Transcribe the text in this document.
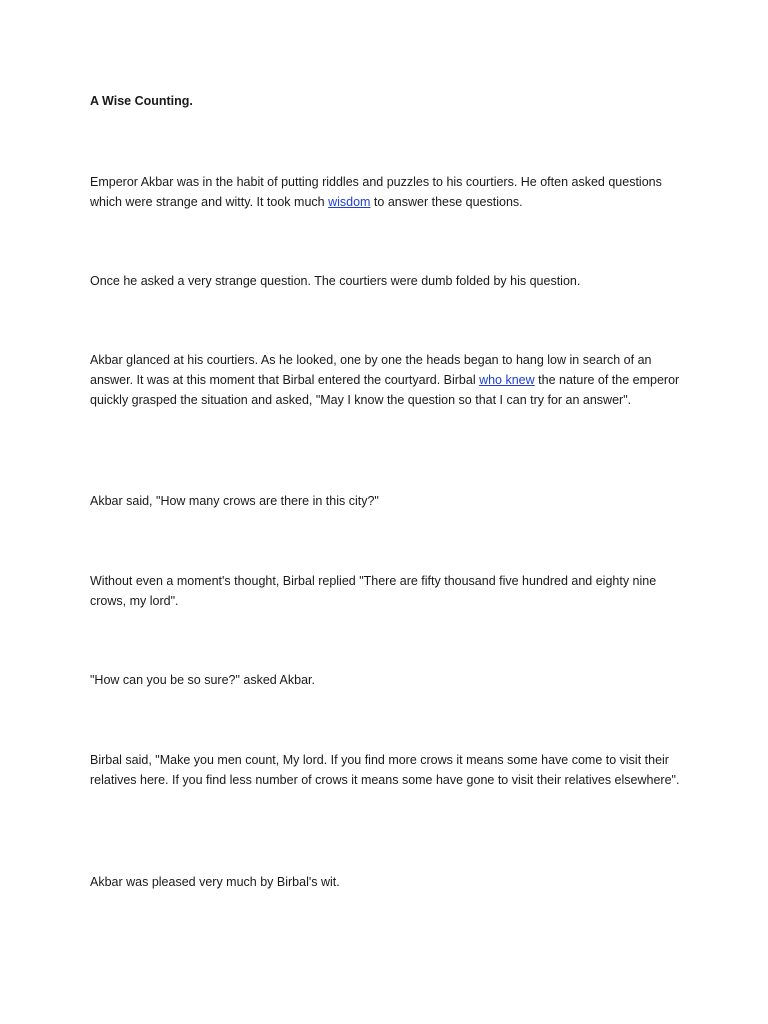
A Wise Counting.

Emperor Akbar was in the habit of putting riddles and puzzles to his courtiers. He often asked questions which were strange and witty. It took much wisdom to answer these questions.

Once he asked a very strange question. The courtiers were dumb folded by his question.

Akbar glanced at his courtiers. As he looked, one by one the heads began to hang low in search of an answer. It was at this moment that Birbal entered the courtyard. Birbal who knew the nature of the emperor quickly grasped the situation and asked, "May I know the question so that I can try for an answer".

Akbar said, "How many crows are there in this city?"

Without even a moment's thought, Birbal replied "There are fifty thousand five hundred and eighty nine crows, my lord".

"How can you be so sure?" asked Akbar.

Birbal said, "Make you men count, My lord. If you find more crows it means some have come to visit their relatives here. If you find less number of crows it means some have gone to visit their relatives elsewhere".

Akbar was pleased very much by Birbal's wit.
